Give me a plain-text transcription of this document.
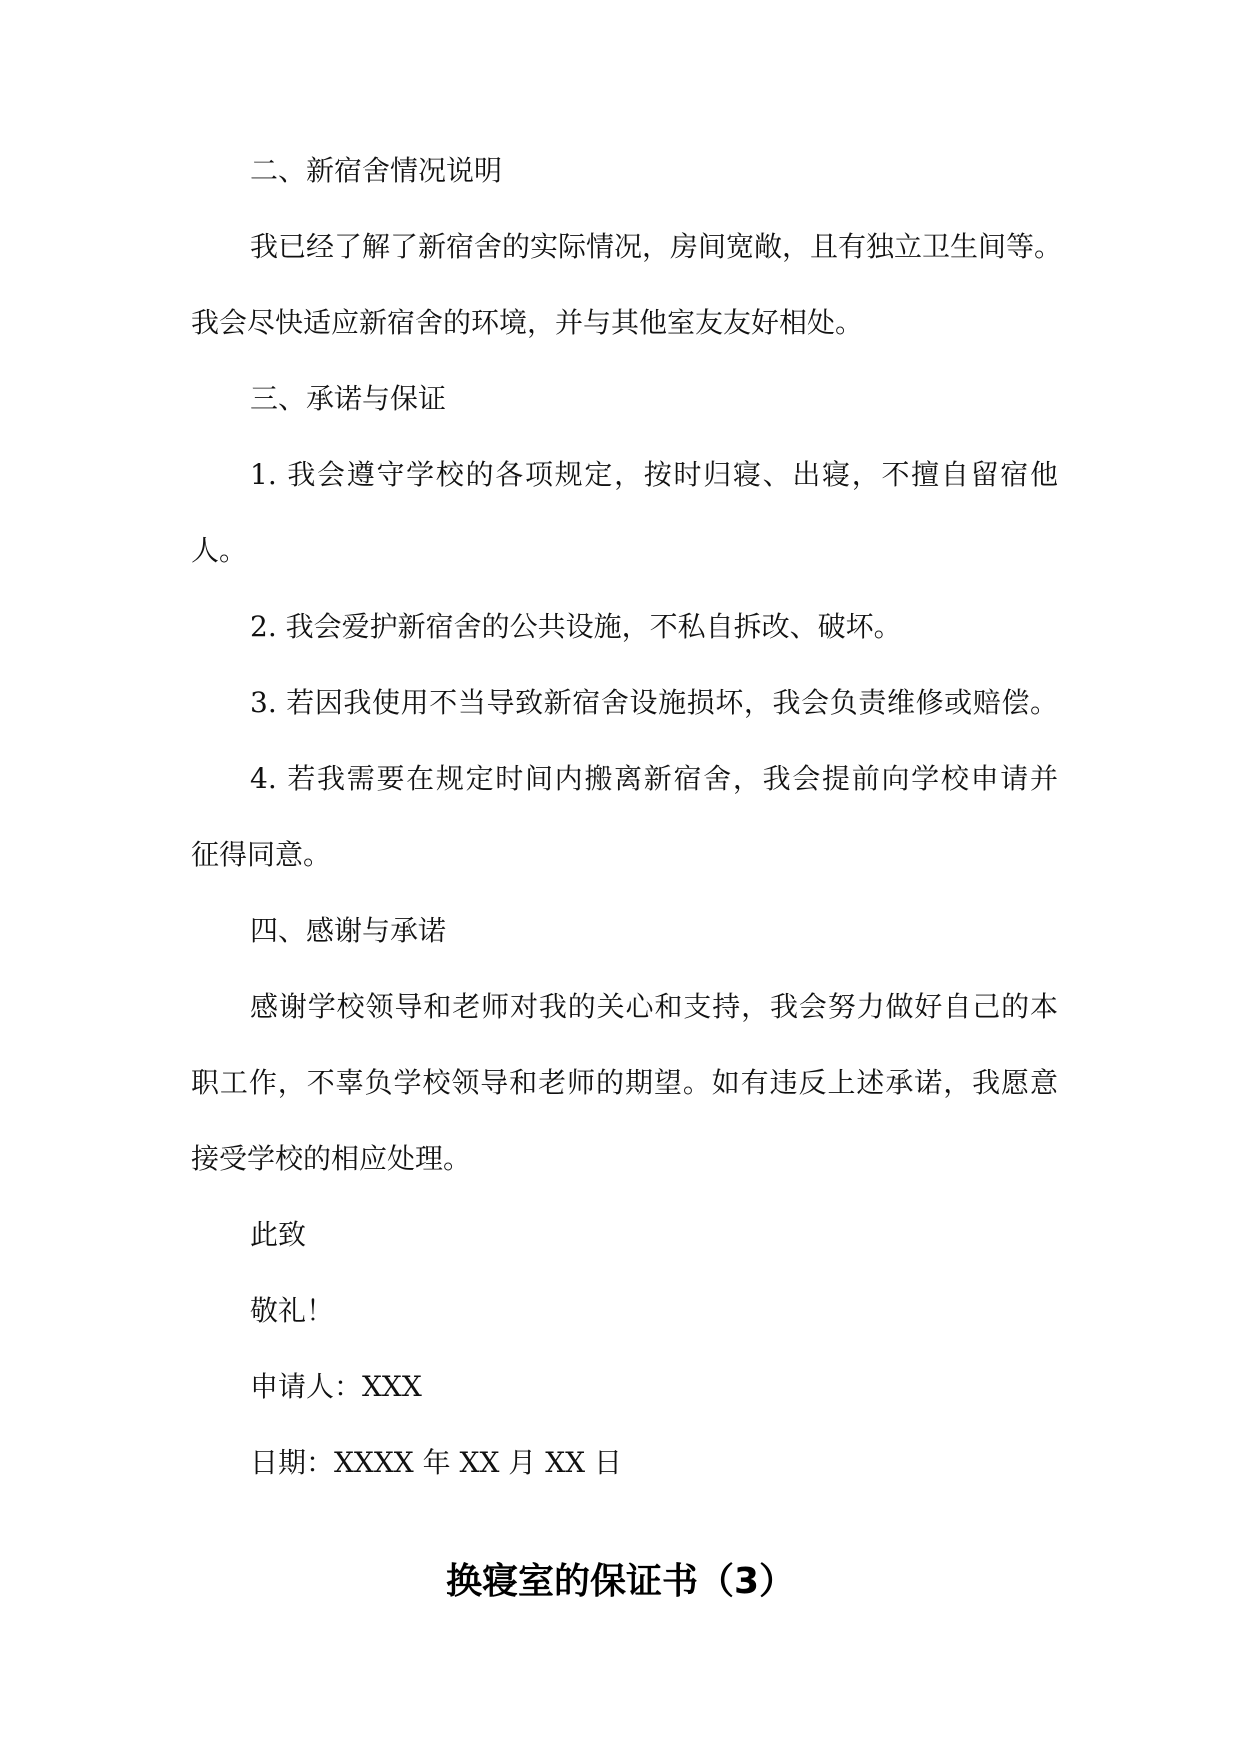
二、新宿舍情况说明
我已经了解了新宿舍的实际情况，房间宽敞，且有独立卫生间等。
我会尽快适应新宿舍的环境，并与其他室友友好相处。
三、承诺与保证
1. 我会遵守学校的各项规定，按时归寝、出寝，不擅自留宿他
人。
2. 我会爱护新宿舍的公共设施，不私自拆改、破坏。
3. 若因我使用不当导致新宿舍设施损坏，我会负责维修或赔偿。
4. 若我需要在规定时间内搬离新宿舍，我会提前向学校申请并
征得同意。
四、感谢与承诺
感谢学校领导和老师对我的关心和支持，我会努力做好自己的本
职工作，不辜负学校领导和老师的期望。如有违反上述承诺，我愿意
接受学校的相应处理。
此致
敬礼！
申请人：XXX
日期：XXXX 年 XX 月 XX 日
换寝室的保证书（3）
